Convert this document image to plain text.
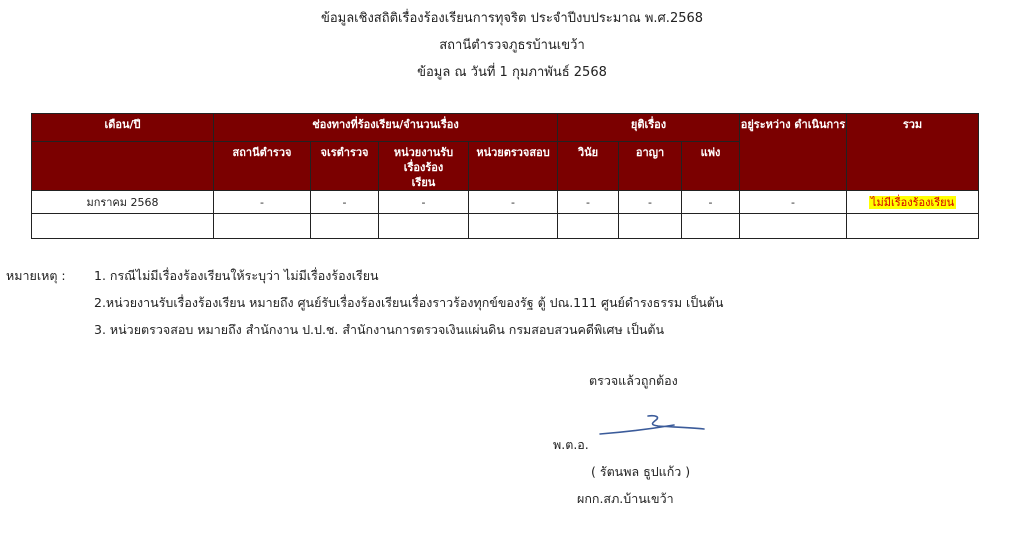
ข้อมูลเชิงสถิติเรื่องร้องเรียนการทุจริต ประจำปีงบประมาณ พ.ศ.2568
สถานีตำรวจภูธรบ้านเขว้า
ข้อมูล ณ วันที่ 1 กุมภาพันธ์ 2568
เดือน/ปี	ช่องทางที่ร้องเรียน/จำนวนเรื่อง				ยุติเรื่อง			อยู่ระหว่าง ดำเนินการ	รวม
	สถานีตำรวจ	จเรตำรวจ	หน่วยงานรับ เรื่องร้องเรียน	หน่วยตรวจสอบ	วินัย	อาญา	แพ่ง		
มกราคม 2568	-	-	-	-	-	-	-	-	ไม่มีเรื่องร้องเรียน

หมายเหตุ : 1. กรณีไม่มีเรื่องร้องเรียนให้ระบุว่า ไม่มีเรื่องร้องเรียน
2.หน่วยงานรับเรื่องร้องเรียน หมายถึง ศูนย์รับเรื่องร้องเรียนเรื่องราวร้องทุกข์ของรัฐ ตู้ ปณ.111 ศูนย์ดำรงธรรม เป็นต้น
3. หน่วยตรวจสอบ หมายถึง สำนักงาน ป.ป.ช. สำนักงานการตรวจเงินแผ่นดิน กรมสอบสวนคดีพิเศษ เป็นต้น
ตรวจแล้วถูกต้อง
พ.ต.อ.
( รัตนพล ธูปแก้ว )
ผกก.สภ.บ้านเขว้า
